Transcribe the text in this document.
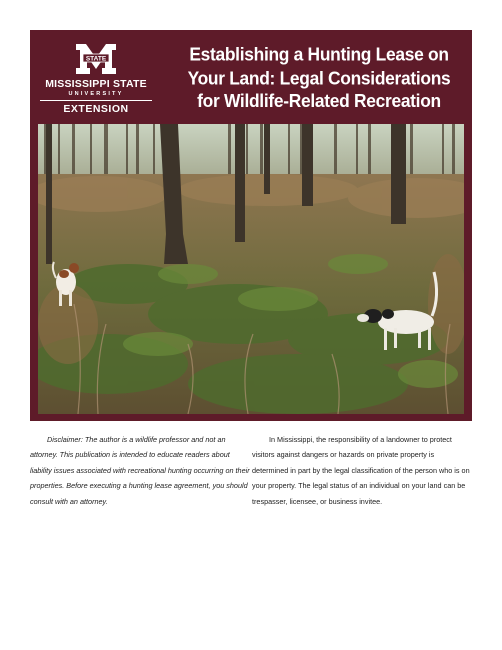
STATE
MISSISSIPPI STATE
UNIVERSITY
EXTENSION
Establishing a Hunting Lease on
Your Land: Legal Considerations
for Wildlife-Related Recreation

Disclaimer: The author is a wildlife professor and not an attorney. This publication is intended to educate readers about liability issues associated with recreational hunting occurring on their properties. Before executing a hunting lease agreement, you should consult with an attorney.

In Mississippi, the responsibility of a landowner to protect visitors against dangers or hazards on private property is determined in part by the legal classification of the person who is on your property. The legal status of an individual on your land can be trespasser, licensee, or business invitee.
